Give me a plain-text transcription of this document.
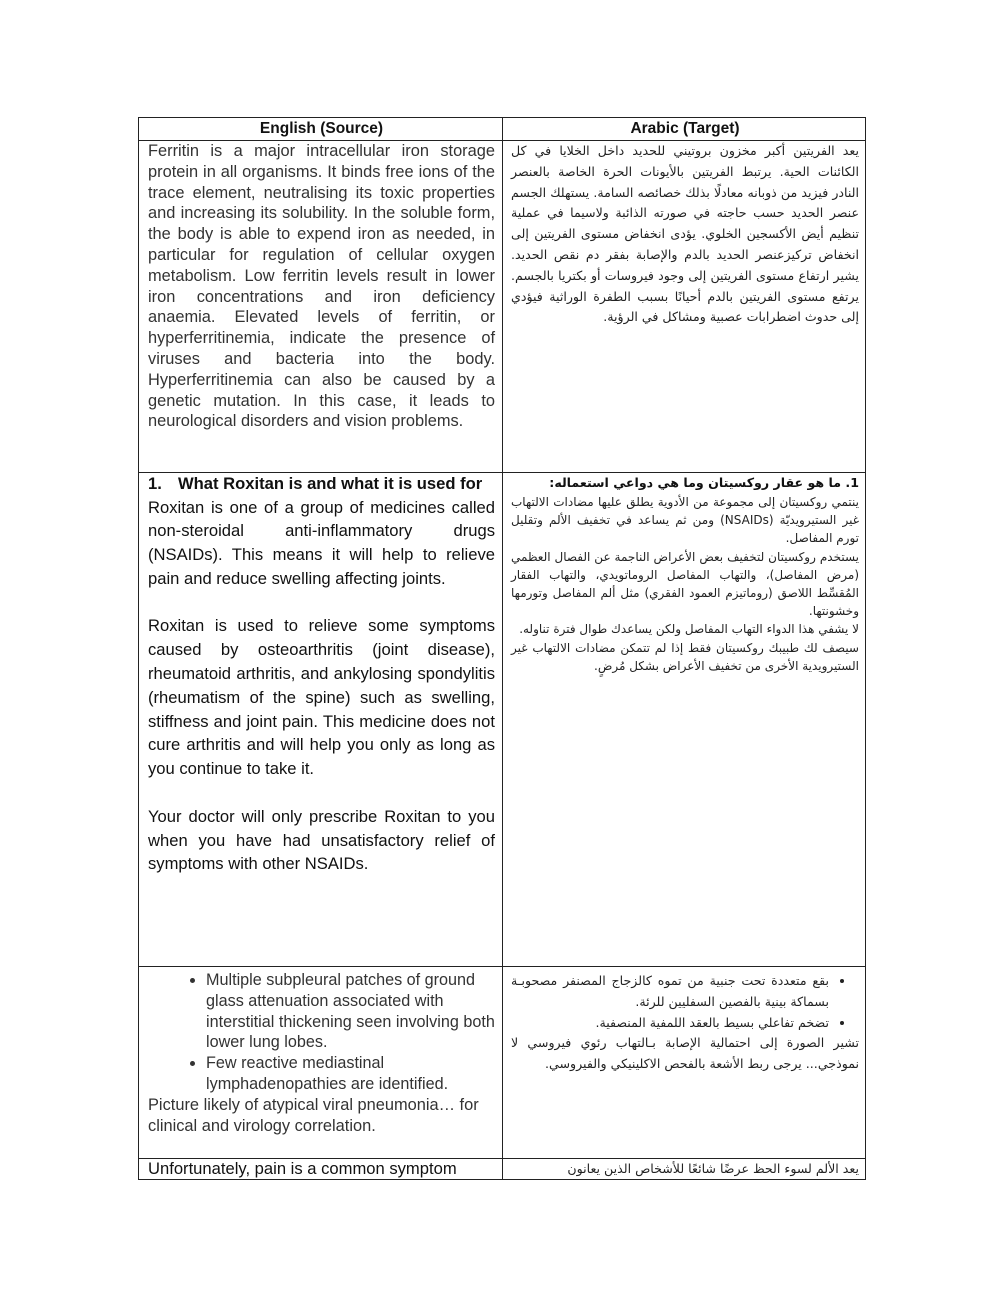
English (Source)	Arabic (Target)

Ferritin is a major intracellular iron storage protein in all organisms. It binds free ions of the trace element, neutralising its toxic properties and increasing its solubility. In the soluble form, the body is able to expend iron as needed, in particular for regulation of cellular oxygen metabolism. Low ferritin levels result in lower iron concentrations and iron deficiency anaemia. Elevated levels of ferritin, or hyperferritinemia, indicate the presence of viruses and bacteria into the body. Hyperferritinemia can also be caused by a genetic mutation. In this case, it leads to neurological disorders and vision problems.

يعد الفريتين أكبر مخزون بروتيني للحديد داخل الخلايا في كل الكائنات الحية. يرتبط الفريتين بالأيونات الحرة الخاصة بالعنصر النادر فيزيد من ذوبانه معادلًا بذلك خصائصه السامة. يستهلك الجسم عنصر الحديد حسب حاجته في صورته الذائبة ولاسيما في عملية تنظيم أيض الأكسجين الخلوي. يؤدى انخفاض مستوى الفريتين إلى انخفاض تركيزعنصر الحديد بالدم والإصابة بفقر دم نقص الحديد. يشير ارتفاع مستوى الفريتين إلى وجود فيروسات أو بكتريا بالجسم. يرتفع مستوى الفريتين بالدم أحيانًا بسبب الطفرة الوراثية فيؤدي إلى حدوث اضطرابات عصبية ومشاكل في الرؤية.

1. What Roxitan is and what it is used for

Roxitan is one of a group of medicines called non-steroidal anti-inflammatory drugs (NSAIDs). This means it will help to relieve pain and reduce swelling affecting joints.

Roxitan is used to relieve some symptoms caused by osteoarthritis (joint disease), rheumatoid arthritis, and ankylosing spondylitis (rheumatism of the spine) such as swelling, stiffness and joint pain. This medicine does not cure arthritis and will help you only as long as you continue to take it.

Your doctor will only prescribe Roxitan to you when you have had unsatisfactory relief of symptoms with other NSAIDs.

1. ما هو عقار روكسيتان وما هي دواعي استعماله:

ينتمي روكسيتان إلى مجموعة من الأدوية يطلق عليها مضادات الالتهاب غير الستيرويديّة (NSAIDs) ومن ثم يساعد في تخفيف الألم وتقليل تورم المفاصل.

يستخدم روكسيتان لتخفيف بعض الأعراض الناجمة عن الفصال العظمي (مرض المفاصل)، والتهاب المفاصل الروماتويدي، والتهاب الفقار المُقسِّط اللاصق (روماتيزم العمود الفقري) مثل ألم المفاصل وتورمها وخشونتها.

لا يشفي هذا الدواء التهاب المفاصل ولكن يساعدك طوال فترة تناوله.

سيصف لك طبيبك روكسيتان فقط إذا لم تتمكن مضادات الالتهاب غير الستيرويدية الأخرى من تخفيف الأعراض بشكل مُرضٍ.

• Multiple subpleural patches of ground glass attenuation associated with interstitial thickening seen involving both lower lung lobes.
• Few reactive mediastinal lymphadenopathies are identified.

Picture likely of atypical viral pneumonia… for clinical and virology correlation.

• بقع متعددة تحت جنبية من تموه كالزجاج المصنفر مصحوبـة بسماكة بينية بالفصين السفليين للرئة.
• تضخم تفاعلي بسيط بالعقد اللمفية المنصفية.

تشير الصورة إلى احتمالية الإصابة بـالتهاب رئوي فيروسي لا نموذجي... يرجى ربط الأشعة بالفحص الاكلينيكي والفيروسي.

Unfortunately, pain is a common symptom	يعد الألم لسوء الحظ عرضًا شائعًا للأشخاص الذين يعانون
